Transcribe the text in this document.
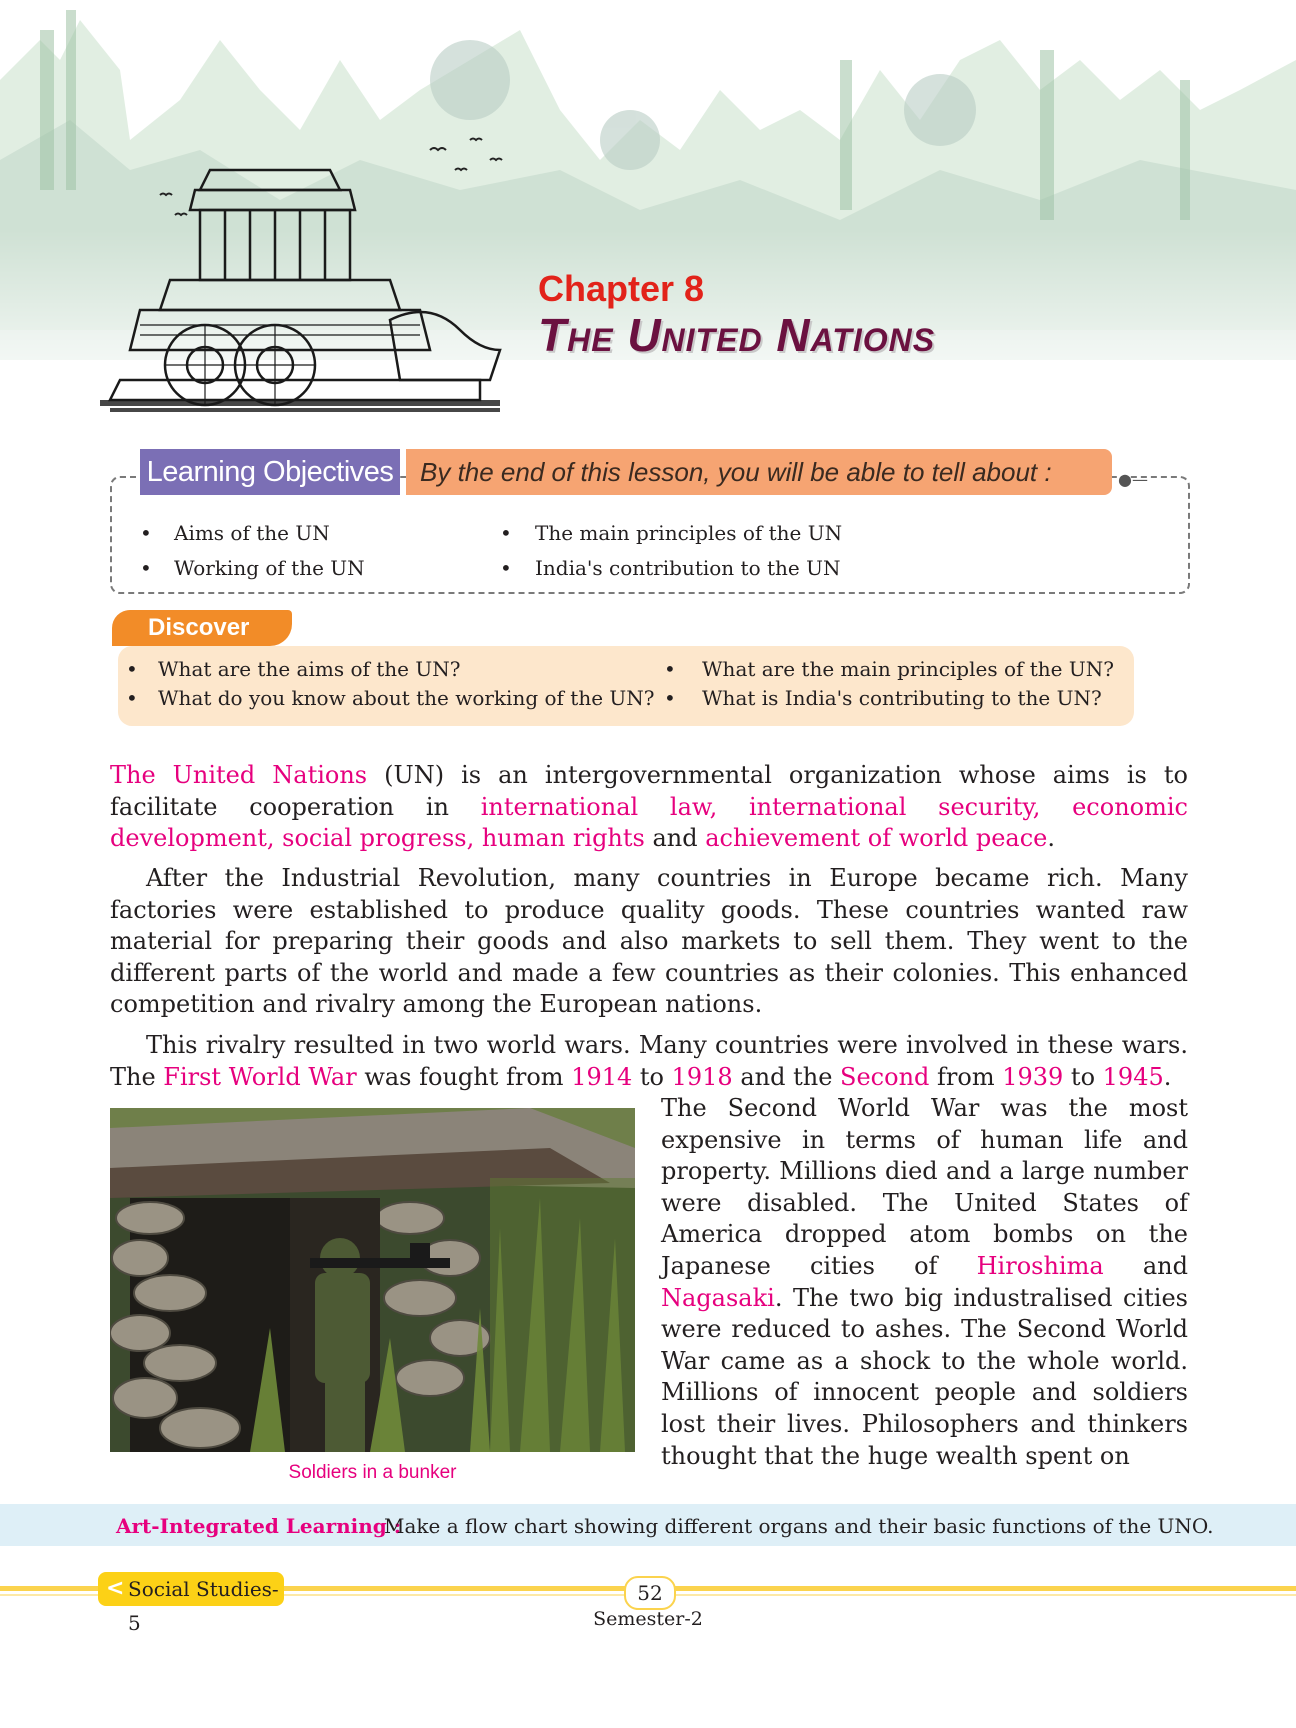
Chapter 8
The United Nations
Learning Objectives	By the end of this lesson, you will be able to tell about :	●—
• Aims of the UN	• The main principles of the UN
• Working of the UN	• India's contribution to the UN
Discover
• What are the aims of the UN?	• What are the main principles of the UN?
• What do you know about the working of the UN? • What is India's contributing to the UN?

The United Nations (UN) is an intergovernmental organization whose aims is to facilitate cooperation in international law, international security, economic development, social progress, human rights and achievement of world peace.

After the Industrial Revolution, many countries in Europe became rich. Many factories were established to produce quality goods. These countries wanted raw material for preparing their goods and also markets to sell them. They went to the different parts of the world and made a few countries as their colonies. This enhanced competition and rivalry among the European nations.

This rivalry resulted in two world wars. Many countries were involved in these wars. The First World War was fought from 1914 to 1918 and the Second from 1939 to 1945.

Soldiers in a bunker

The Second World War was the most expensive in terms of human life and property. Millions died and a large number were disabled. The United States of America dropped atom bombs on the Japanese cities of Hiroshima and Nagasaki. The two big industralised cities were reduced to ashes. The Second World War came as a shock to the whole world. Millions of innocent people and soldiers lost their lives. Philosophers and thinkers thought that the huge wealth spent on

Art-Integrated Learning :
Make a flow chart showing different organs and their basic functions of the UNO.
< Social Studies-5
52
Semester-2
